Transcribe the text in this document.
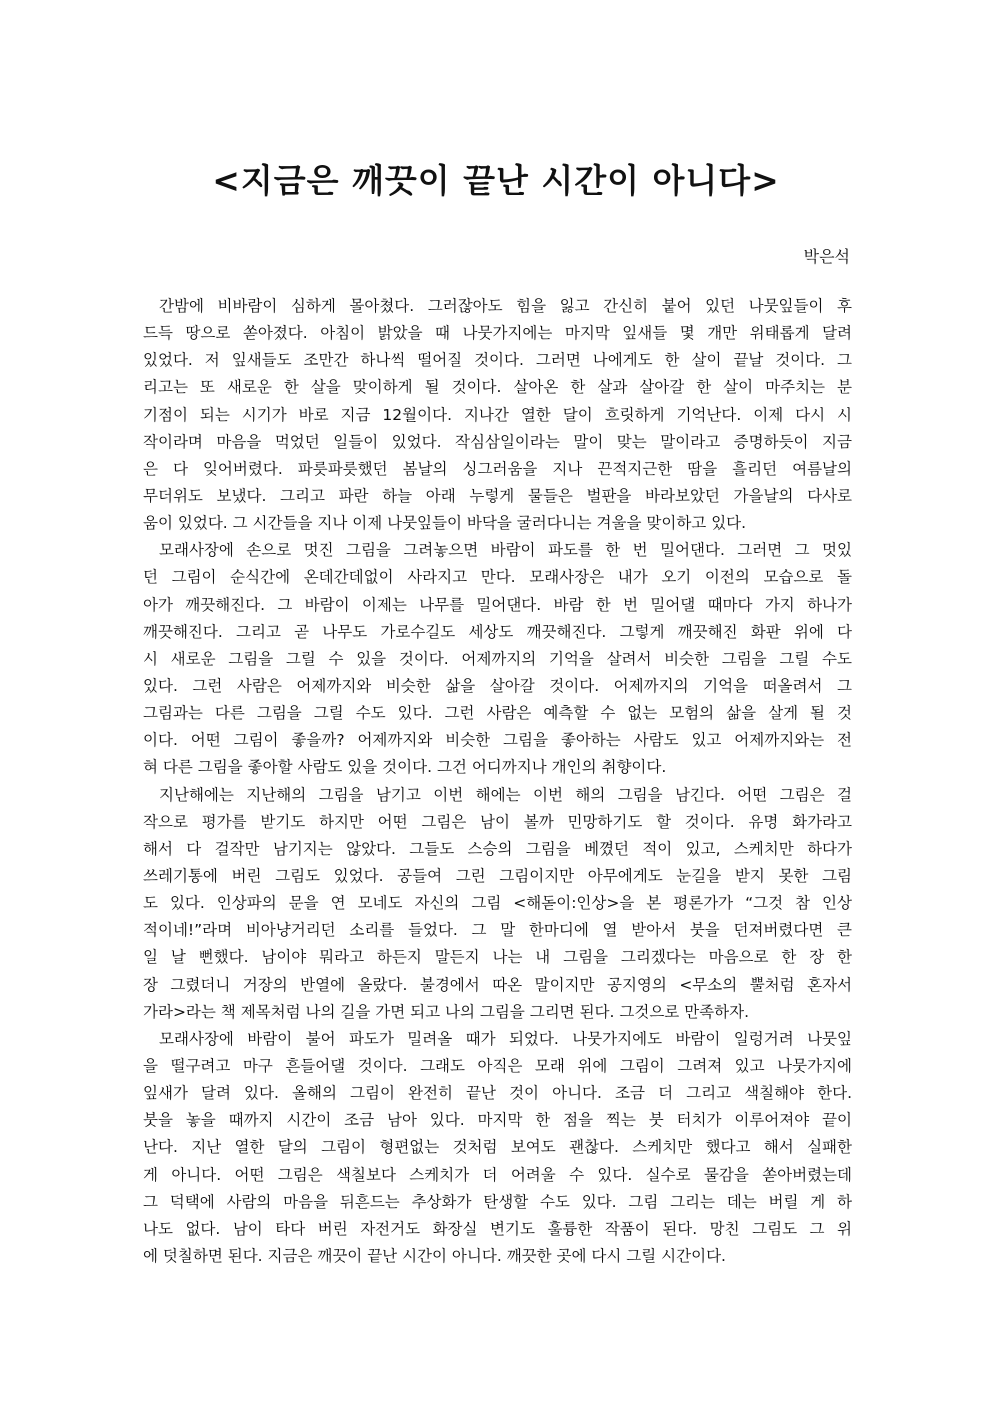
<지금은 깨끗이 끝난 시간이 아니다>
박은석
간밤에 비바람이 심하게 몰아쳤다. 그러잖아도 힘을 잃고 간신히 붙어 있던 나뭇잎들이 후
드득 땅으로 쏟아졌다. 아침이 밝았을 때 나뭇가지에는 마지막 잎새들 몇 개만 위태롭게 달려
있었다. 저 잎새들도 조만간 하나씩 떨어질 것이다. 그러면 나에게도 한 살이 끝날 것이다. 그
리고는 또 새로운 한 살을 맞이하게 될 것이다. 살아온 한 살과 살아갈 한 살이 마주치는 분
기점이 되는 시기가 바로 지금 12월이다. 지나간 열한 달이 흐릿하게 기억난다. 이제 다시 시
작이라며 마음을 먹었던 일들이 있었다. 작심삼일이라는 말이 맞는 말이라고 증명하듯이 지금
은 다 잊어버렸다. 파릇파릇했던 봄날의 싱그러움을 지나 끈적지근한 땀을 흘리던 여름날의
무더위도 보냈다. 그리고 파란 하늘 아래 누렇게 물들은 벌판을 바라보았던 가을날의 다사로
움이 있었다. 그 시간들을 지나 이제 나뭇잎들이 바닥을 굴러다니는 겨울을 맞이하고 있다.
모래사장에 손으로 멋진 그림을 그려놓으면 바람이 파도를 한 번 밀어댄다. 그러면 그 멋있
던 그림이 순식간에 온데간데없이 사라지고 만다. 모래사장은 내가 오기 이전의 모습으로 돌
아가 깨끗해진다. 그 바람이 이제는 나무를 밀어댄다. 바람 한 번 밀어댈 때마다 가지 하나가
깨끗해진다. 그리고 곧 나무도 가로수길도 세상도 깨끗해진다. 그렇게 깨끗해진 화판 위에 다
시 새로운 그림을 그릴 수 있을 것이다. 어제까지의 기억을 살려서 비슷한 그림을 그릴 수도
있다. 그런 사람은 어제까지와 비슷한 삶을 살아갈 것이다. 어제까지의 기억을 떠올려서 그
그림과는 다른 그림을 그릴 수도 있다. 그런 사람은 예측할 수 없는 모험의 삶을 살게 될 것
이다. 어떤 그림이 좋을까? 어제까지와 비슷한 그림을 좋아하는 사람도 있고 어제까지와는 전
혀 다른 그림을 좋아할 사람도 있을 것이다. 그건 어디까지나 개인의 취향이다.
지난해에는 지난해의 그림을 남기고 이번 해에는 이번 해의 그림을 남긴다. 어떤 그림은 걸
작으로 평가를 받기도 하지만 어떤 그림은 남이 볼까 민망하기도 할 것이다. 유명 화가라고
해서 다 걸작만 남기지는 않았다. 그들도 스승의 그림을 베꼈던 적이 있고, 스케치만 하다가
쓰레기통에 버린 그림도 있었다. 공들여 그린 그림이지만 아무에게도 눈길을 받지 못한 그림
도 있다. 인상파의 문을 연 모네도 자신의 그림 <해돋이:인상>을 본 평론가가 “그것 참 인상
적이네!”라며 비아냥거리던 소리를 들었다. 그 말 한마디에 열 받아서 붓을 던져버렸다면 큰
일 날 뻔했다. 남이야 뭐라고 하든지 말든지 나는 내 그림을 그리겠다는 마음으로 한 장 한
장 그렸더니 거장의 반열에 올랐다. 불경에서 따온 말이지만 공지영의 <무소의 뿔처럼 혼자서
가라>라는 책 제목처럼 나의 길을 가면 되고 나의 그림을 그리면 된다. 그것으로 만족하자.
모래사장에 바람이 불어 파도가 밀려올 때가 되었다. 나뭇가지에도 바람이 일렁거려 나뭇잎
을 떨구려고 마구 흔들어댈 것이다. 그래도 아직은 모래 위에 그림이 그려져 있고 나뭇가지에
잎새가 달려 있다. 올해의 그림이 완전히 끝난 것이 아니다. 조금 더 그리고 색칠해야 한다.
붓을 놓을 때까지 시간이 조금 남아 있다. 마지막 한 점을 찍는 붓 터치가 이루어져야 끝이
난다. 지난 열한 달의 그림이 형편없는 것처럼 보여도 괜찮다. 스케치만 했다고 해서 실패한
게 아니다. 어떤 그림은 색칠보다 스케치가 더 어려울 수 있다. 실수로 물감을 쏟아버렸는데
그 덕택에 사람의 마음을 뒤흔드는 추상화가 탄생할 수도 있다. 그림 그리는 데는 버릴 게 하
나도 없다. 남이 타다 버린 자전거도 화장실 변기도 훌륭한 작품이 된다. 망친 그림도 그 위
에 덧칠하면 된다. 지금은 깨끗이 끝난 시간이 아니다. 깨끗한 곳에 다시 그릴 시간이다.
